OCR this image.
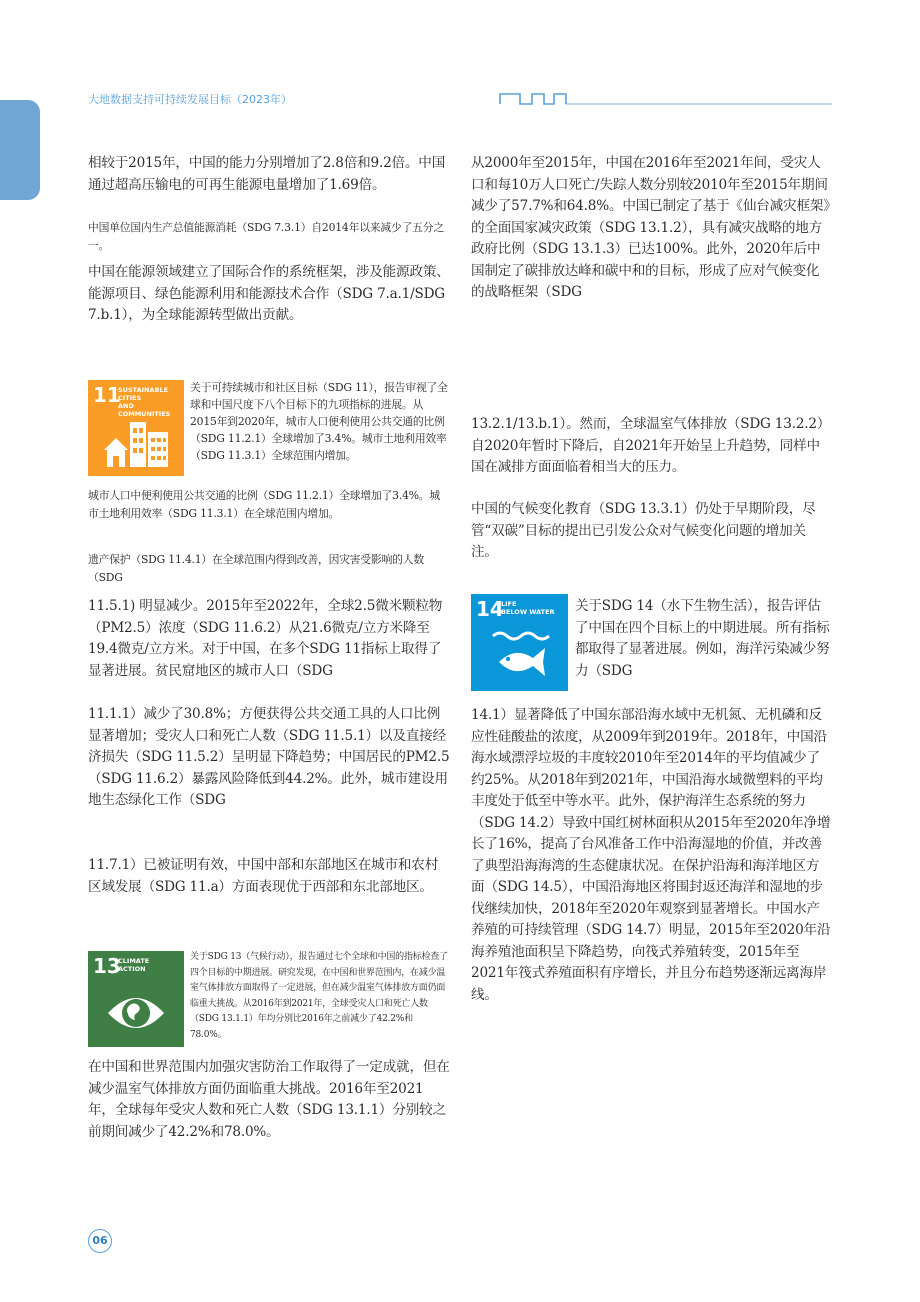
大地数据支持可持续发展目标（2023年）

相较于2015年，中国的能力分别增加了2.8倍和9.2倍。中国通过超高压输电的可再生能源电量增加了1.69倍。

中国单位国内生产总值能源消耗（SDG 7.3.1）自2014年以来减少了五分之一。

中国在能源领域建立了国际合作的系统框架，涉及能源政策、能源项目、绿色能源利用和能源技术合作（SDG 7.a.1/SDG 7.b.1），为全球能源转型做出贡献。

11
SUSTAINABLE CITIES
AND COMMUNITIES

关于可持续城市和社区目标（SDG 11），报告审视了全球和中国尺度下八个目标下的九项指标的进展。从2015年到2020年，城市人口便利使用公共交通的比例（SDG 11.2.1）全球增加了3.4%。城市土地利用效率（SDG 11.3.1）全球范围内增加。

城市人口中便利使用公共交通的比例（SDG 11.2.1）全球增加了3.4%。城市土地利用效率（SDG 11.3.1）在全球范围内增加。

遗产保护（SDG 11.4.1）在全球范围内得到改善，因灾害受影响的人数（SDG

11.5.1) 明显减少。2015年至2022年，全球2.5微米颗粒物（PM2.5）浓度（SDG 11.6.2）从21.6微克/立方米降至19.4微克/立方米。对于中国，在多个SDG 11指标上取得了显著进展。贫民窟地区的城市人口（SDG

11.1.1）减少了30.8%；方便获得公共交通工具的人口比例显著增加；受灾人口和死亡人数（SDG 11.5.1）以及直接经济损失（SDG 11.5.2）呈明显下降趋势；中国居民的PM2.5（SDG 11.6.2）暴露风险降低到44.2%。此外，城市建设用地生态绿化工作（SDG

11.7.1）已被证明有效，中国中部和东部地区在城市和农村区域发展（SDG 11.a）方面表现优于西部和东北部地区。

13
CLIMATE
ACTION

关于SDG 13（气候行动），报告通过七个全球和中国的指标检查了四个目标的中期进展。研究发现，在中国和世界范围内，在减少温室气体排放方面取得了一定进展，但在减少温室气体排放方面仍面临重大挑战。从2016年到2021年，全球受灾人口和死亡人数（SDG 13.1.1）年均分别比2016年之前减少了42.2%和78.0%。

在中国和世界范围内加强灾害防治工作取得了一定成就，但在减少温室气体排放方面仍面临重大挑战。2016年至2021年，全球每年受灾人数和死亡人数（SDG 13.1.1）分别较之前期间减少了42.2%和78.0%。

从2000年至2015年，中国在2016年至2021年间，受灾人口和每10万人口死亡/失踪人数分别较2010年至2015年期间减少了57.7%和64.8%。中国已制定了基于《仙台减灾框架》的全面国家减灾政策（SDG 13.1.2），具有减灾战略的地方政府比例（SDG 13.1.3）已达100%。此外，2020年后中国制定了碳排放达峰和碳中和的目标，形成了应对气候变化的战略框架（SDG

13.2.1/13.b.1）。然而，全球温室气体排放（SDG 13.2.2）自2020年暂时下降后，自2021年开始呈上升趋势，同样中国在减排方面面临着相当大的压力。

中国的气候变化教育（SDG 13.3.1）仍处于早期阶段，尽管“双碳”目标的提出已引发公众对气候变化问题的增加关注。

14
LIFE
BELOW WATER 关于SDG 14（水下生物生活），报告评估了中国在四个目标上的中期进展。所有指标都取得了显著进展。例如，海洋污染减少努力（SDG

14.1）显著降低了中国东部沿海水域中无机氮、无机磷和反应性硅酸盐的浓度，从2009年到2019年。2018年，中国沿海水域漂浮垃圾的丰度较2010年至2014年的平均值减少了约25%。从2018年到2021年，中国沿海水域微塑料的平均丰度处于低至中等水平。此外，保护海洋生态系统的努力（SDG 14.2）导致中国红树林面积从2015年至2020年净增长了16%，提高了台风准备工作中沿海湿地的价值，并改善了典型沿海海湾的生态健康状况。在保护沿海和海洋地区方面（SDG 14.5），中国沿海地区将围封返还海洋和湿地的步伐继续加快，2018年至2020年观察到显著增长。中国水产养殖的可持续管理（SDG 14.7）明显，2015年至2020年沿海养殖池面积呈下降趋势，向筏式养殖转变，2015年至2021年筏式养殖面积有序增长，并且分布趋势逐渐远离海岸线。

06
